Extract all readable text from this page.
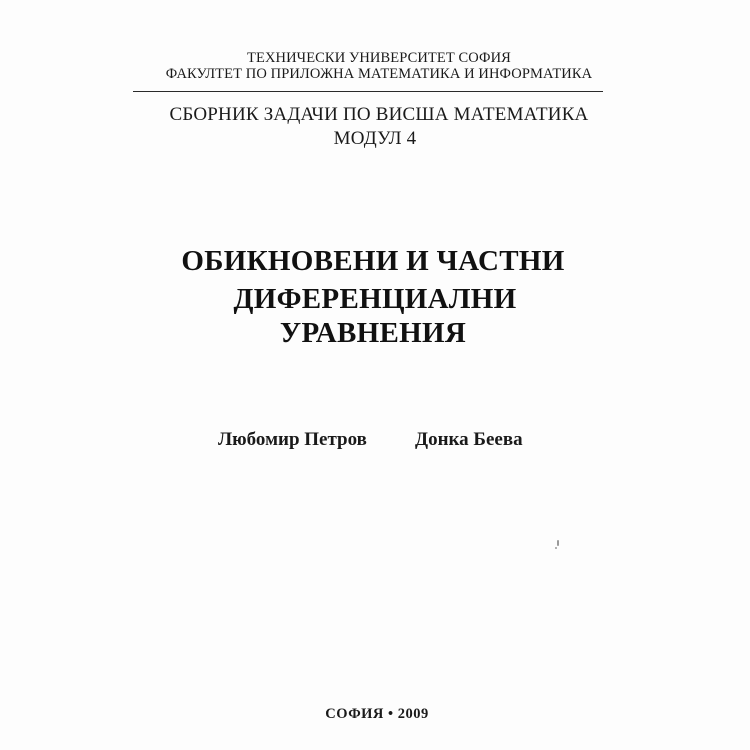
ТЕХНИЧЕСКИ УНИВЕРСИТЕТ СОФИЯ
ФАКУЛТЕТ ПО ПРИЛОЖНА МАТЕМАТИКА И ИНФОРМАТИКА
СБОРНИК ЗАДАЧИ ПО ВИСША МАТЕМАТИКА
МОДУЛ 4
ОБИКНОВЕНИ И ЧАСТНИ
ДИФЕРЕНЦИАЛНИ
УРАВНЕНИЯ
Любомир Петров	Донка Беева
СОФИЯ • 2009
